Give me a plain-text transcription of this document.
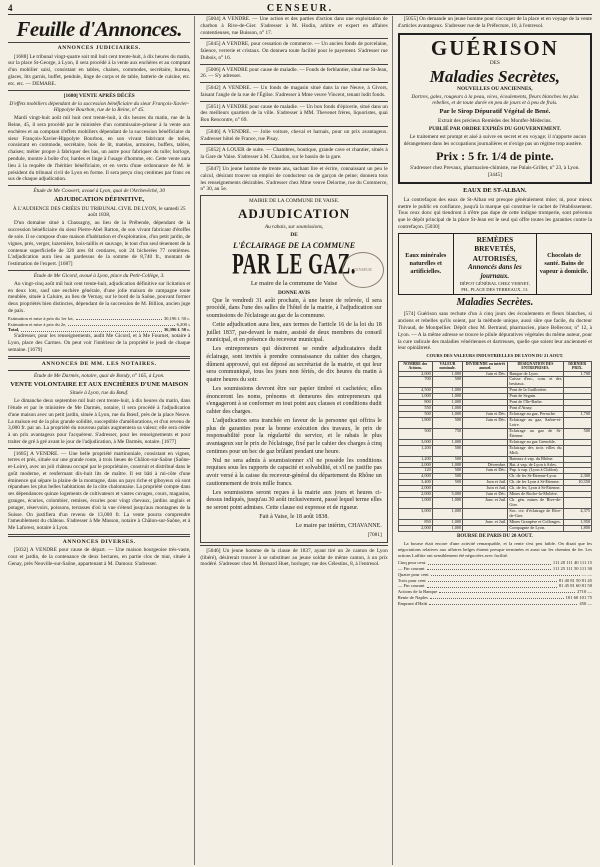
4	CENSEUR.
Feuille d'Annonces.
ANNONCES JUDICIAIRES.

[1688] Le tribunal vingt-quatre soit mil huit cent trente-huit, à dix heures du matin, sur la place St-George, à Lyon, il sera procédé à la vente aux enchères et au comptant d'un mobilier saisi, consistant en tables, chaises, commodes, secrétaire, bureau, glaces, lits garnis, buffet, pendule, linge de corps et de table, batterie de cuisine, etc. etc. etc. — DEMARE.

[1680] VENTE APRÈS DÉCÈS

D'effets mobiliers dépendant de la succession bénéficiaire du sieur François-Xavier-Hippolyte Bourbon, rue de la Reine, n° 45.

Mardi vingt-huit août mil huit cent trente-huit, à dix heures du matin, rue de la Reine, 45, il sera procédé par le ministère d'un commissaire-priseur à la vente aux enchères et au comptant d'effets mobiliers dépendant de la succession bénéficiaire du sieur François-Xavier-Hippolyte Bourbon, en son vivant fabricant de toiles, consistant en commode, secrétaire, bois de lit, matelas, armoires, buffets, tables, chaises; métier propre à fabriquer des bas, un autre pour fabriquer du tulle; horloge, pendule, montre à boîte d'or, hardes et linge à l'usage d'homme, etc. Cette vente aura lieu à la requête de l'héritier bénéficiaire, et en vertu d'une ordonnance de M. le président du tribunal civil de Lyon en forme. Il sera perçu cinq centimes par franc en sus de chaque adjudication.

Étude de Me Coswert, avoué à Lyon, quai de l'Archevêché, 30

ADJUDICATION DÉFINITIVE,

À L'AUDIENCE DES CRIÉES DU TRIBUNAL CIVIL DE LYON, le samedi 25 août 1838,

D'un domaine situé à Chassagny, au lieu de la Prébende, dépendant de la succession bénéficiaire du sieur Pierre-Abel Ratton, de son vivant fabricant d'étoffes de soie. Il se compose d'une maison d'habitation et d'exploitation, d'un petit jardin, de vignes, prés, verger, luzernière, bois-taillis et sauvage, le tout d'un seul tènement de la contenue superficielle de 320 ares 84 centiares, soit 24 bicherées 77 centièmes. L'adjudication aura lieu au pardessus de la somme de 8,740 fr., montant de l'estimation de l'expert. [1687]

Étude de Me Gicord, avoué à Lyon, place du Petit-Collège, 3.

Au vingt-cinq août mil huit cent trente-huit, adjudication définitive sur licitation et en deux lots, sauf une enchère générale, d'une jolie maison de campagne toute meublée, située à Caluire, au lieu de Vernay, sur le bord de la Saône, pouvant former deux propriétés bien distinctes, dépendant de la succession de M. Billion, ancien juge de paix.

Estimation et mise à prix du 1er lot,	30,196 f. 50 c.
Estimation et mise à prix du 2e,	6,200 »
Total,	36,396 f. 50 c.

S'adresser, pour les renseignements, audit Me Gicord, et à Me Fournet, notaire à Lyon, place des Carmes. On peut voir l'intérieur de la propriété le jeudi de chaque semaine. [1679]

ANNONCES DE MM. LES NOTAIRES.

Étude de Me Darmès, notaire, quai de Bondy, n° 165, à Lyon.

VENTE VOLONTAIRE ET AUX ENCHÈRES D'UNE MAISON

Située à Lyon, rue du Bœuf.

Le dimanche deux septembre mil huit cent trente-huit, à dix heures du matin, dans l'étude et par le ministère de Me Darmès, notaire, il sera procédé à l'adjudication d'une maison avec un petit jardin, située à Lyon, rue du Bœuf, près de la place Neuve. La maison est de la plus grande solidité, susceptible d'améliorations, et d'un revenu de 3,000 fr. par an. La propriété du nouveau palais augmentera sa valeur; elle sera cédée à un prix avantageux pour l'acquéreur. S'adresser, pour les renseignements et pour traiter de gré à gré avant le jour de l'adjudication, à Me Darmès, notaire. [1677]

[1685] A VENDRE. — Une belle propriété martinoniale, consistant en vignes, terres et prés, située sur une grande route, à trois lieues de Châlon-sur-Saône (Saône-et-Loire), avec un joli château occupé par le propriétaire, construit et distribué dans le goût moderne, et renfermant dix-huit lits de maître. Il est bâti à mi-côte d'une éminence qui sépare la plaine de la montagne, dans un pays riche et giboyeux où sont répandues les plus belles habitations de la côte chalonnaise. La propriété compte dans ses dépendances quinze logements de cultivateurs et vastes cuvages, cours, magasins, granges, écuries, colombier, remises, écuries pour vingt chevaux, jardins anglais et potager, réservoirs, poissons, terrasses d'où la vue s'étend jusqu'aux montagnes de la Suisse. On justifiera d'un revenu de 13,000 fr. La vente pourra comprendre l'ameublement du château. S'adresser à Me Masson, notaire à Châlon-sur-Saône, et à Me Laforest, notaire à Lyon.

ANNONCES DIVERSES.

[5032] A VENDRE pour cause de départ. — Une maison bourgeoise très-vaste, cour et jardin, de la contenance de deux hectares, en partie clos de mur, située à Genay, près Neuville-sur-Saône, appartenant à M. Damour. S'adresser.

[5004] A VENDRE. — Une action et des parties d'action dans une exploitation de charbon à Rive-de-Gier. S'adresser à M. Hodin, arbitre et expert en affaires contentieuses, rue Buisson, n° 17.

[5045] A VENDRE, pour cessation de commerce. — Un ancien fonds de porcelaine, faïence, verrerie et cristaux. On donnera toute facilité pour le payement. S'adresser rue Dubois, n° 16.

[5006] A VENDRE pour cause de maladie. — Fonds de ferblantier, situé rue St-Jean, 26. — S'y adresser.

[5042] A VENDRE. — Un fonds de magasin situé dans la rue Neuve, à Givors, faisant l'angle de la rue de l'Église. S'adresser à Mme veuve Vincent, tenant lodit fonds.

[5051] A VENDRE pour cause de maladie. — Un bon fonds d'épicerie, situé dans un des meilleurs quartiers de la ville. S'adresser à MM. Thevenet frères, liquoristes, quai Bon Rencontre, n° 69.

[5046] A VENDRE. — Jolie voiture, cheval et harnais, pour un prix avantageux. S'adresser hôtel de France, rue Pisay.

[5052] A LOUER de suite. — Chambres, boutique, grande cave et chantier, situés à la Gare de Vaise. S'adresser à M. Chardon, sur le bassin de la gare.

[5047] Un jeune homme de trente ans, sachant lire et écrire, connaissant un peu le calcul, désirant trouver un emploi de conducteur ou de garçon de peine; donnera tous les renseignements désirables. S'adresser chez Mme veuve Delorme, rue du Commerce, n° 30, au 5e.

MAIRIE DE LA COMMUNE DE VAISE.

ADJUDICATION

Au rabais, sur soumissions,

DE

L'ÉCLAIRAGE DE LA COMMUNE
PAR LE GAZ.

Le maire de la commune de Vaise

DONNE AVIS

Que le vendredi 31 août prochain, à une heure de relevée, il sera procédé, dans l'une des salles de l'hôtel de la mairie, à l'adjudication sur soumissions de l'éclairage au gaz de la commune.

Cette adjudication aura lieu, aux termes de l'article 16 de la loi du 18 juillet 1837, par-devant le maire, assisté de deux membres du conseil municipal, et en présence du receveur municipal.

Les entrepreneurs qui désireront se rendre adjudicataires dudit éclairage, sont invités à prendre connaissance du cahier des charges, dûment approuvé, qui est déposé au secrétariat de la mairie, et qui leur sera communiqué, tous les jours non fériés, de dix heures du matin à quatre heures du soir.

Les soumissions devront être sur papier timbré et cachetées; elles énonceront les noms, prénoms et demeures des entrepreneurs qui s'engageront à se conformer en tout point aux clauses et conditions dudit cahier des charges.

L'adjudication sera tranchée en faveur de la personne qui offrira le plus de garanties pour la bonne exécution des travaux, le prix de responsabilité pour la régularité du service, et le rabais le plus avantageux sur le prix de l'éclairage, fixé par le cahier des charges à cinq centimes pour un bec de gaz brûlant pendant une heure.

Nul ne sera admis à soumissionner s'il ne possède les conditions requises sous les rapports de capacité et solvabilité, et s'il ne justifie pas avoir versé à la caisse du receveur-général du département du Rhône un cautionnement de trois mille francs.

Les soumissions seront reçues à la mairie aux jours et heures ci-dessus indiqués, jusqu'au 30 août inclusivement, passé lequel terme elles ne seront point admises. Cette clause est expresse et de rigueur.

Fait à Vaise, le 18 août 1838.

Le maire par intérim, CHAVANNE.

[7081]

CENSEUR

[5046] Un jeune homme de la classe de 1837, ayant tiré un 2e canton de Lyon (libéré), désirerait trouver à se substituer au jeune soldat de même canton, à un prix modéré. S'adresser chez M. Bernard Huet, horloger, rue des Célestins, 8, à l'entresol.

[5055] On demande un jeune homme pour s'occuper de la place et en voyage de la vente d'articles avantageux. S'adresser rue de la Préfecture, 10, à l'entresol.

GUÉRISON

DES

Maladies Secrètes,

NOUVELLES OU ANCIENNES,

Dartres, gales, rougeurs à la peau, vices, écoulements, fleurs blanches les plus rebelles, et de toute durée en peu de jours et à peu de frais.

Par le Sirop Dépuratif Végétal de Bené.

Extrait des précieux Remèdes des Montfer-Médecins.

PUBLIÉ PAR ORDRE EXPRÈS DU GOUVERNEMENT.

Le traitement est prompt et aisé à suivre en secret et en voyage; il n'apporte aucun dérangement dans les occupations journalières et n'exige pas un régime trop austère.

Prix : 5 fr. 1/4 de pinte.

S'adresser chez Prevaux, pharmacien-chimiste, rue Palais-Grillet, n° 23, à Lyon. [3445]

EAUX DE ST-ALBAN.

La contrefaçon des eaux de St-Alban est presque généralement mise; ni, pour mieux mettre le public en confiance, jusqu'à la marque qui constitue le cachet de l'établissement. Tous ceux donc qui tiendront à n'être pas dupe de cette indigne tromperie, sont prévenus que le dépôt principal de la place St-Jean est le seul qui offre toutes les garanties contre la contrefaçon. [5030]

Eaux minérales naturelles et artificielles.
REMÈDES BREVETÉS, AUTORISÉS,
Annoncés dans les journaux.
DÉPOT GÉNÉRAL CHEZ VERNET, PH., PLACE DES TERREAUX, 13.
Chocolats de santé. Bains de vapeur à domicile.
Maladies Secrètes.

[574] Guérison sans rechute d'un à cinq jours des écoulements et fleurs blanches, si anciens et rebelles qu'ils soient, par la méthode unique, aussi sûre que facile, du docteur Thivaud, de Montpellier. Dépôt chez M. Bertrand, pharmacien, place Bellecour, n° 12, à Lyon. — A la même adresse se trouve le pilule dépuratives végétales du même auteur, pour la cure radicale des maladies vénériennes et dartreuses, quelle que soient leur ancienneté et leur opiniâtreté.

COURS DES VALEURS INDUSTRIELLES DE LYON DU 21 AOUT.

NOMBRE des Actions.	VALEUR nominale.	DIVIDENDE ou intérêt annuel.	DÉSIGNATION DES ENTREPRISES.	DERNIER PRIX.
2,000	1,000	Juin et Déc.	Banque de Lyon.	1,700
700	500		Caisse d'esc., com. et des bestiaux.	
4,500	1,000		Pont de la Guillotière.	
1,000	1,000		Pont de Seguin.	
800	1,000		Pont de l'Île-Barbe.	
550	1,000		Pont d'Ainay.	
500	1,000	Juin et Déc.	Éclairage au gaz, Perrache.	1,700
1,800	500	Juin et Déc.	Éclairage au gaz, Saône-et-Loire.	
500	750		Éclairage au gaz de St-Étienne.	500
3,000	1,000		Éclairage au gaz Grenoble.	
1,200	500		Éclairage des trois villes du Midi.	
1,200	500		Bateaux à vap. du Rhône.	
2,000	1,000	Décembre.	Bat. à vap. de Lyon à Arles.	
120	500	Juin et Déc.	Pap. à vap. (Lyon à Châlon).	
4,000	500		Ch. de fer St-Étienne-Lyon.	2,300
3,400	500	Juin et Juil.	Ch. de fer Lyon à St-Étienne.	10,350
2,000		Juin et Juil.	Ch. de fer, Lyon à St-Étienne.	
2,000	5,000	Juin et Déc.	Mines de Roche-la-Molière.	
1,000	1,000	Janv. et Juil.	Ch. gén. mines de Rive-de-Gier.	
3,000	1,000		Soc. civ. d'éclairage de Rive-de-Gier.	4,375
850	1,000	Janv. et Juil.	Mines Granpère et Collonges.	1,950
2,000	1,000		Compagnie de Lyon.	1,800

BOURSE DE PARIS DU 20 AOUT.

La bourse était encore d'une activité remarquable, et la rente s'est peu faible. On disait que les négociations relatives aux affaires belges étaient presque terminées et aussi sur les chemins de fer. Les actions Laffitte ont sensiblement été négociées avec facilité.

Cinq pour cent.	111 20 111 40 111 15
— Fin courant	111 25 111 50 111 30
Quatre pour cent	— —
Trois pour cent	81 40 81 50 81 45
— Fin courant	81 45 81 60 81 50
Actions de la Banque	2710 —
Rente de Naples	101 60 101 75
Emprunt d'Haïti	450 —
